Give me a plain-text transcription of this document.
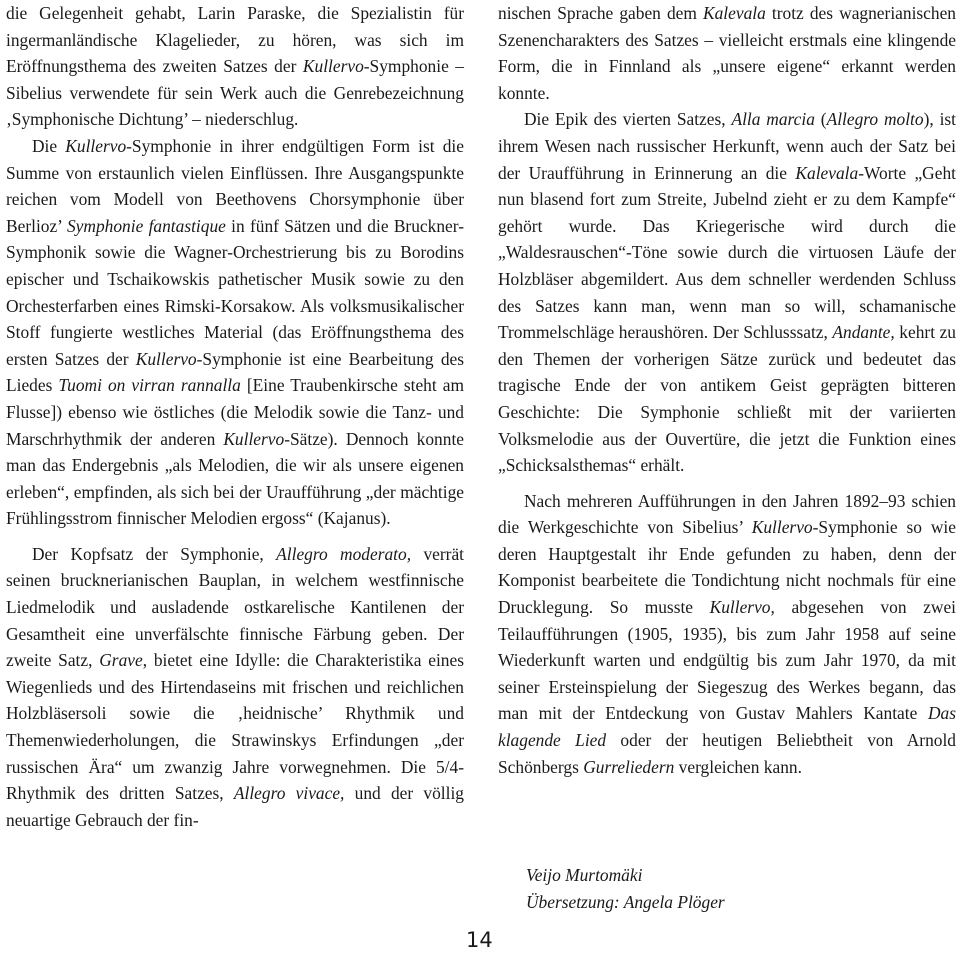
die Gelegenheit gehabt, Larin Paraske, die Spezialistin für ingermanländische Klagelieder, zu hören, was sich im Eröffnungsthema des zweiten Satzes der Kullervo-Symphonie – Sibelius verwendete für sein Werk auch die Genrebezeichnung ‚Symphonische Dichtung’ – niederschlug.

Die Kullervo-Symphonie in ihrer endgültigen Form ist die Summe von erstaunlich vielen Einflüssen. Ihre Ausgangspunkte reichen vom Modell von Beethovens Chorsymphonie über Berlioz’ Symphonie fantastique in fünf Sätzen und die Bruckner-Symphonik sowie die Wagner-Orchestrierung bis zu Borodins epischer und Tschaikowskis pathetischer Musik sowie zu den Orchesterfarben eines Rimski-Korsakow. Als volksmusikalischer Stoff fungierte westliches Material (das Eröffnungsthema des ersten Satzes der Kullervo-Symphonie ist eine Bearbeitung des Liedes Tuomi on virran rannalla [Eine Traubenkirsche steht am Flusse]) ebenso wie östliches (die Melodik sowie die Tanz- und Marschrhythmik der anderen Kullervo-Sätze). Dennoch konnte man das Endergebnis „als Melodien, die wir als unsere eigenen erleben“, empfinden, als sich bei der Uraufführung „der mächtige Frühlingsstrom finnischer Melodien ergoss“ (Kajanus).

Der Kopfsatz der Symphonie, Allegro moderato, verrät seinen brucknerianischen Bauplan, in welchem westfinnische Liedmelodik und ausladende ostkarelische Kantilenen der Gesamtheit eine unverfälschte finnische Färbung geben. Der zweite Satz, Grave, bietet eine Idylle: die Charakteristika eines Wiegenlieds und des Hirtendaseins mit frischen und reichlichen Holzbläsersoli sowie die ‚heidnische’ Rhythmik und Themenwiederholungen, die Strawinskys Erfindungen „der russischen Ära“ um zwanzig Jahre vorwegnehmen. Die 5/4-Rhythmik des dritten Satzes, Allegro vivace, und der völlig neuartige Gebrauch der fin-

nischen Sprache gaben dem Kalevala trotz des wagnerianischen Szenencharakters des Satzes – vielleicht erstmals eine klingende Form, die in Finnland als „unsere eigene“ erkannt werden konnte.

Die Epik des vierten Satzes, Alla marcia (Allegro molto), ist ihrem Wesen nach russischer Herkunft, wenn auch der Satz bei der Uraufführung in Erinnerung an die Kalevala-Worte „Geht nun blasend fort zum Streite, Jubelnd zieht er zu dem Kampfe“ gehört wurde. Das Kriegerische wird durch die „Waldesrauschen“-Töne sowie durch die virtuosen Läufe der Holzbläser abgemildert. Aus dem schneller werdenden Schluss des Satzes kann man, wenn man so will, schamanische Trommelschläge heraushören. Der Schlusssatz, Andante, kehrt zu den Themen der vorherigen Sätze zurück und bedeutet das tragische Ende der von antikem Geist geprägten bitteren Geschichte: Die Symphonie schließt mit der variierten Volksmelodie aus der Ouvertüre, die jetzt die Funktion eines „Schicksalsthemas“ erhält.

Nach mehreren Aufführungen in den Jahren 1892–93 schien die Werkgeschichte von Sibelius’ Kullervo-Symphonie so wie deren Hauptgestalt ihr Ende gefunden zu haben, denn der Komponist bearbeitete die Tondichtung nicht nochmals für eine Drucklegung. So musste Kullervo, abgesehen von zwei Teilaufführungen (1905, 1935), bis zum Jahr 1958 auf seine Wiederkunft warten und endgültig bis zum Jahr 1970, da mit seiner Ersteinspielung der Siegeszug des Werkes begann, das man mit der Entdeckung von Gustav Mahlers Kantate Das klagende Lied oder der heutigen Beliebtheit von Arnold Schönbergs Gurreliedern vergleichen kann.

Veijo Murtomäki
Übersetzung: Angela Plöger
14
